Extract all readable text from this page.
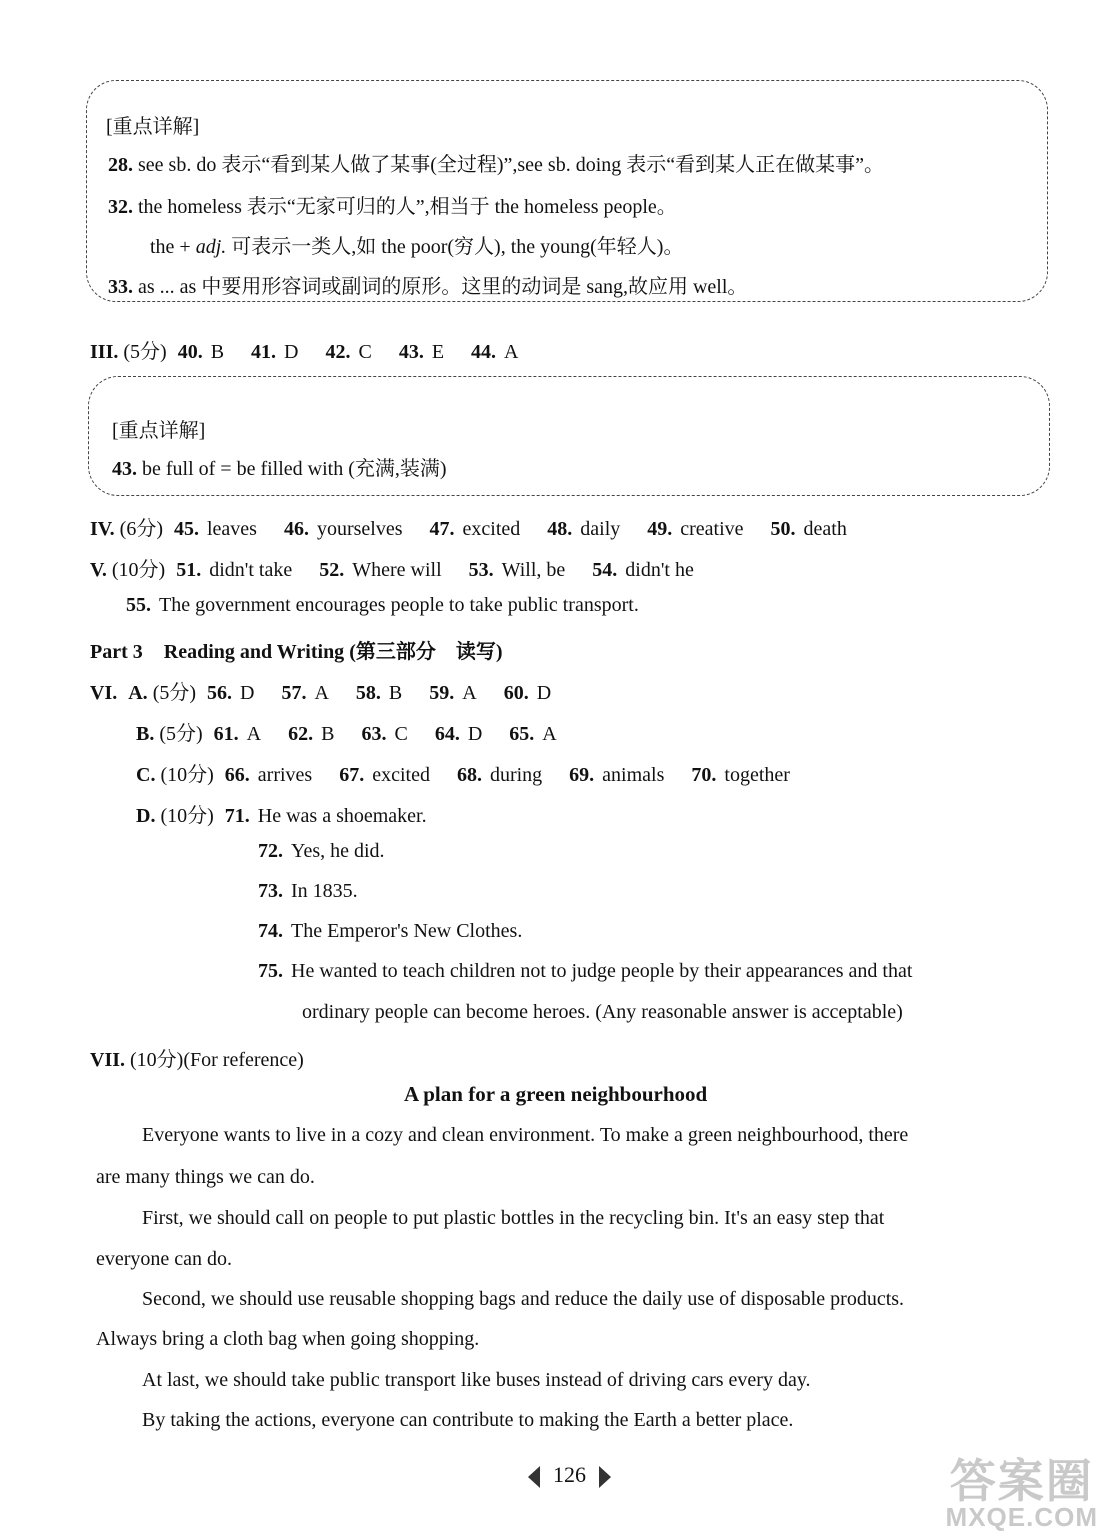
[重点详解]
28. see sb. do 表示“看到某人做了某事(全过程)”,see sb. doing 表示“看到某人正在做某事”。
32. the homeless 表示“无家可归的人”,相当于 the homeless people。
the + adj. 可表示一类人,如 the poor(穷人), the young(年轻人)。
33. as ... as 中要用形容词或副词的原形。这里的动词是 sang,故应用 well。
III. (5分) 40. B 41. D 42. C 43. E 44. A
[重点详解]
43. be full of = be filled with (充满,装满)
IV. (6分) 45. leaves 46. yourselves 47. excited 48. daily 49. creative 50. death
V. (10分) 51. didn't take 52. Where will 53. Will, be 54. didn't he
55. The government encourages people to take public transport.
Part 3 Reading and Writing (第三部分　读写)
VI. A. (5分) 56. D 57. A 58. B 59. A 60. D
B. (5分) 61. A 62. B 63. C 64. D 65. A
C. (10分) 66. arrives 67. excited 68. during 69. animals 70. together
D. (10分) 71. He was a shoemaker.
72. Yes, he did.
73. In 1835.
74. The Emperor's New Clothes.
75. He wanted to teach children not to judge people by their appearances and that
ordinary people can become heroes. (Any reasonable answer is acceptable)
VII. (10分)(For reference)
A plan for a green neighbourhood
Everyone wants to live in a cozy and clean environment. To make a green neighbourhood, there
are many things we can do.
First, we should call on people to put plastic bottles in the recycling bin. It's an easy step that
everyone can do.
Second, we should use reusable shopping bags and reduce the daily use of disposable products.
Always bring a cloth bag when going shopping.
At last, we should take public transport like buses instead of driving cars every day.
By taking the actions, everyone can contribute to making the Earth a better place.
126	答案圈
MXQE.COM
